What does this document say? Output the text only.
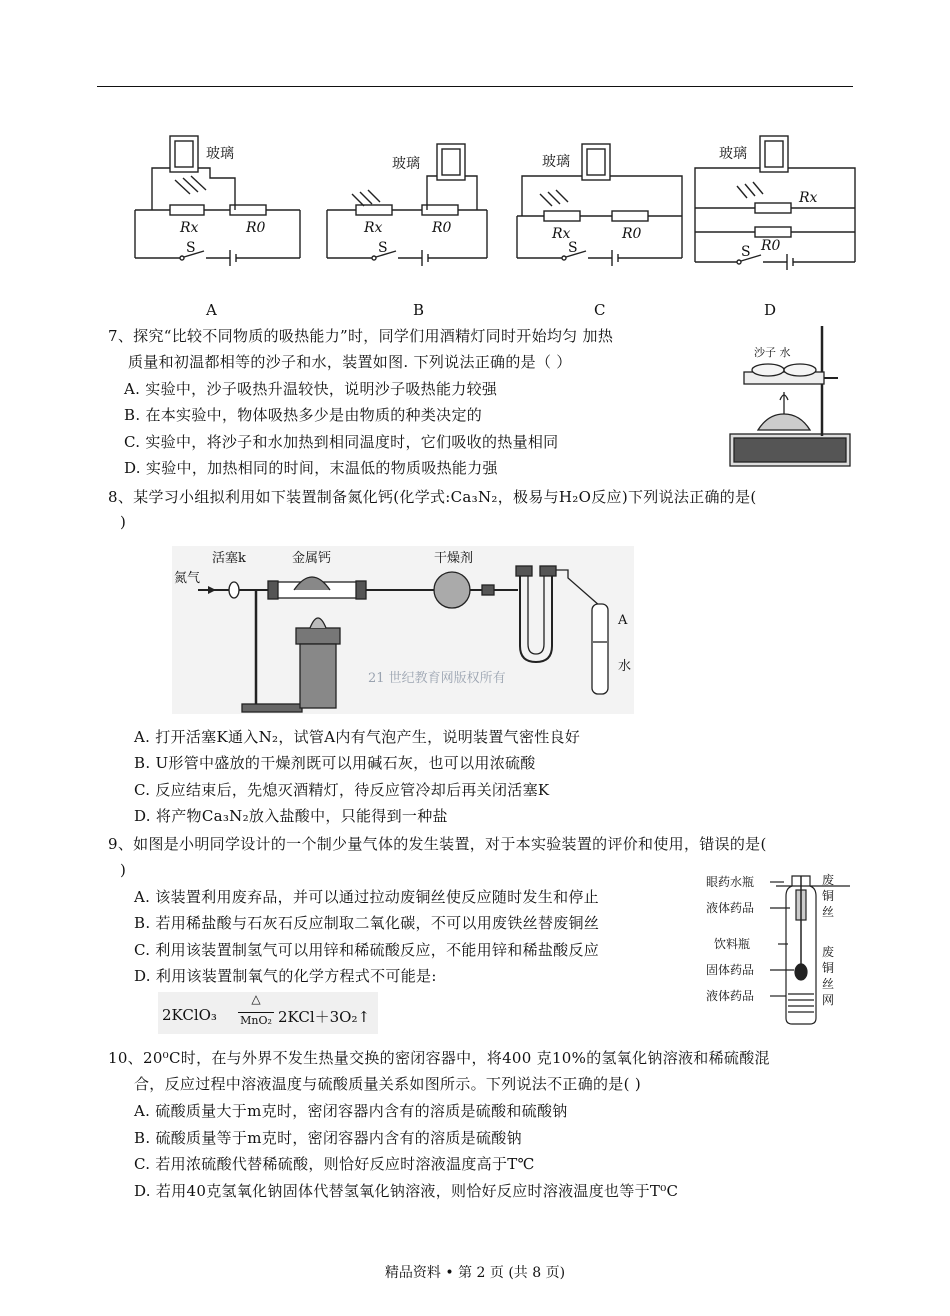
玻璃
Rx	R0
S
玻璃
Rx	R0
S
玻璃
Rx	R0
S
玻璃
Rx
R0
S
A	B	C	D
7、探究“比较不同物质的吸热能力”时，同学们用酒精灯同时开始均匀 加热
质量和初温都相等的沙子和水，装置如图. 下列说法正确的是（ ）
A. 实验中，沙子吸热升温较快，说明沙子吸热能力较强
B. 在本实验中，物体吸热多少是由物质的种类决定的
C. 实验中，将沙子和水加热到相同温度时，它们吸收的热量相同
D. 实验中，加热相同的时间，末温低的物质吸热能力强
沙子 水
8、某学习小组拟利用如下装置制备氮化钙(化学式:Ca₃N₂，极易与H₂O反应)下列说法正确的是(
)
氮气
活塞k	金属钙	干燥剂
A
水
21 世纪教育网版权所有
A. 打开活塞K通入N₂，试管A内有气泡产生，说明装置气密性良好
B. U形管中盛放的干燥剂既可以用碱石灰，也可以用浓硫酸
C. 反应结束后，先熄灭酒精灯，待反应管冷却后再关闭活塞K
D. 将产物Ca₃N₂放入盐酸中，只能得到一种盐
9、如图是小明同学设计的一个制少量气体的发生装置，对于本实验装置的评价和使用，错误的是(
)
A. 该装置利用废弃品，并可以通过拉动废铜丝使反应随时发生和停止
B. 若用稀盐酸与石灰石反应制取二氧化碳，不可以用废铁丝替废铜丝
C. 利用该装置制氢气可以用锌和稀硫酸反应，不能用锌和稀盐酸反应
D. 利用该装置制氧气的化学方程式不可能是:
2KClO₃
△
MnO₂ 2KCl＋3O₂↑
眼药水瓶
液体药品
饮料瓶
固体药品
液体药品
废铜丝
废铜丝网
10、20⁰C时，在与外界不发生热量交换的密闭容器中，将400 克10%的氢氧化钠溶液和稀硫酸混
合，反应过程中溶液温度与硫酸质量关系如图所示。下列说法不正确的是( )
A. 硫酸质量大于m克时，密闭容器内含有的溶质是硫酸和硫酸钠
B. 硫酸质量等于m克时，密闭容器内含有的溶质是硫酸钠
C. 若用浓硫酸代替稀硫酸，则恰好反应时溶液温度高于T℃
D. 若用40克氢氧化钠固体代替氢氧化钠溶液，则恰好反应时溶液温度也等于T⁰C
精品资料 • 第 2 页 (共 8 页)
